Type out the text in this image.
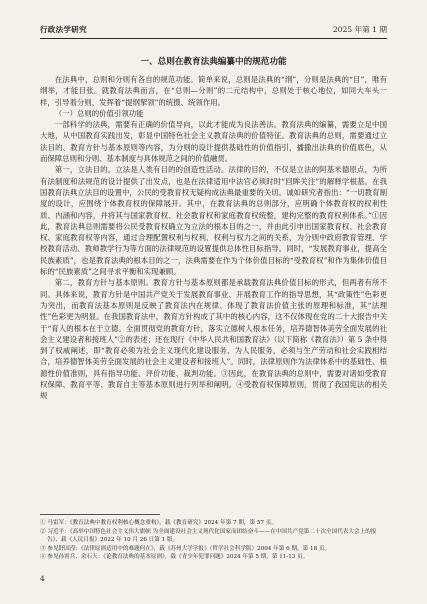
行政法学研究	2025 年第 1 期

一、总则在教育法典编纂中的规范功能

在法典中，总则和分则有各自的规范功能。简单来说，总则是法典的“纲”，分则是法典的“目”，唯有纲举，才能目张。就教育法典而言，在“总则—分则”的二元结构中，总则处于核心地位，如同大车头一样，引导着分则，发挥着“提纲挈领”的统摄、统领作用。

（一）总则的价值引领功能

一部科学的法典，需要有正确的价值导向，以此才能成为良法善法。教育法典的编纂，需要立足中国大地，从中国教育实践出发，彰显中国特色社会主义教育法典的价值特征。教育法典的总则，需要通过立法目的、教育方针与基本原则等内容，为分则的设计提供基础性的价值指引，播撒出法典的价值底色，从而保障总则和分则、基本制度与具体规范之间的价值融贯。

第一，立法目的。立法是人类有目的的创造性活动。法律的目的，不仅是立法的阿基米德原点，为所有法制度和法规范的设计提供了出发点，也是在法律适用中法官必须时时“回眸关注”的解释学根基。在我国教育法典立法目的设置中，公民的受教育权无疑构成法典最重要的关切。诚如研究者指出：“一切教育制度的设计，应围绕个体教育权的保障展开。其中，在教育法典的总则部分，应明确个体教育权的权利性质、内涵和内容，并将其与国家教育权、社会教育权和家庭教育权统整，建构完整的教育权利体系。”①因此，教育法典总则需要将公民受教育权确立为立法的根本目的之一，并由此引申出国家教育权、社会教育权、家庭教育权等内容，通过合理配置权利与权利、权利与权力之间的关系，为分则中政府教育管理、学校教育活动、教师教学行为等方面的法律规范的设置提供总体性目标指导。同时，“发展教育事业，提高全民族素质”，也是教育法典的根本目的之一，法典需要在作为个体价值目标的“受教育权”和作为集体价值目标的“民族素质”之间寻求平衡和实现兼顾。

第二，教育方针与基本原则。教育方针与基本原则都是承载教育法典价值目标的形式，但两者有所不同。具体来说，教育方针是中国共产党关于发展教育事业、开展教育工作的指导思想，其“政策性”色彩更为突出，而教育法基本原则是反映了教育法内在规律、体现了教育法价值主张的原理和标准，其“法理性”色彩更为明显。在我国教育法中，教育方针构成了其中的核心内容，这不仅体现在党的二十大报告中关于“育人的根本在于立德。全面贯彻党的教育方针，落实立德树人根本任务，培养德智体美劳全面发展的社会主义建设者和接班人”②的表述；还在现行《中华人民共和国教育法》（以下简称《教育法》）第 5 条中得到了权威阐述，即“教育必须为社会主义现代化建设服务、为人民服务，必须与生产劳动和社会实践相结合，培养德智体美劳全面发展的社会主义建设者和接班人”。同时，法律原则作为法律体系中的基础性、根源性价值准则，具有指导功能、评价功能、裁判功能。③因此，在教育法典的总则中，需要对诸如受教育权保障、教育平等、教育自主等基本原则进行列举和阐明。④受教育权保障原则，贯彻了我国宪法的相关规

① 马雷军：《教育法典中教育权利核心概念重构》，载《教育研究》2024 年第 7 期，第 57 页。

② 习近平：《高举中国特色社会主义伟大旗帜 为全面建设社会主义现代化国家而团结奋斗——在中国共产党第二十次全国代表大会上的报告》，载《人民日报》2022 年 10 月 26 日第 1 版。

③ 参见舒国滢：《法律原则适用中的难题何在》，载《苏州大学学报》（哲学社会科学版）2004 年第 6 期，第 18 页。

④ 参见孙霄兵、余石天：《论教育法典的基本原则》，载《青少年犯罪问题》2024 年第 5 期，第 11-13 页。

4
